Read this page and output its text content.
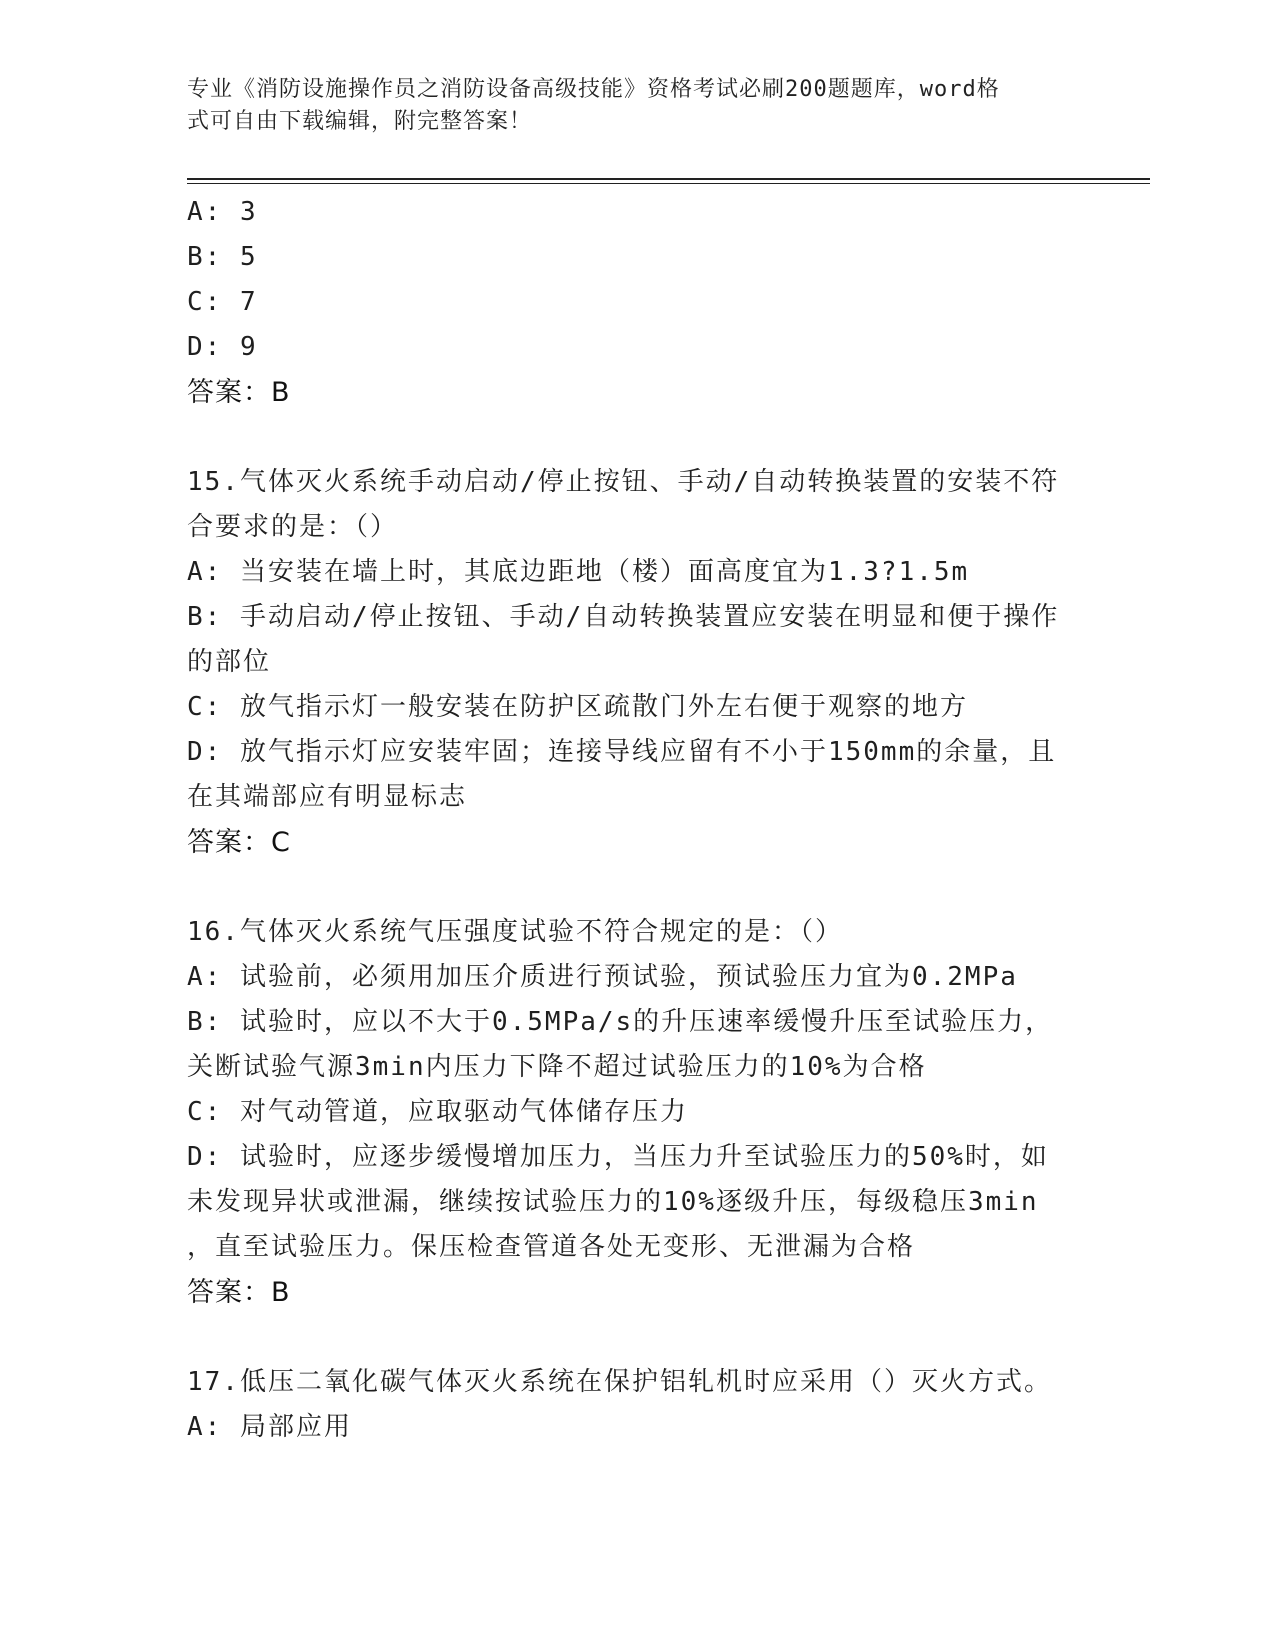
专业《消防设施操作员之消防设备高级技能》资格考试必刷200题题库，word格
式可自由下载编辑，附完整答案！
A: 3
B: 5
C: 7
D: 9
答案：B
15.气体灭火系统手动启动/停止按钮、手动/自动转换装置的安装不符
合要求的是：（）
A: 当安装在墙上时，其底边距地（楼）面高度宜为1.3?1.5m
B: 手动启动/停止按钮、手动/自动转换装置应安装在明显和便于操作
的部位
C: 放气指示灯一般安装在防护区疏散门外左右便于观察的地方
D: 放气指示灯应安装牢固；连接导线应留有不小于150mm的余量，且
在其端部应有明显标志
答案：C
16.气体灭火系统气压强度试验不符合规定的是：（）
A: 试验前，必须用加压介质进行预试验，预试验压力宜为0.2MPa
B: 试验时，应以不大于0.5MPa/s的升压速率缓慢升压至试验压力，
关断试验气源3min内压力下降不超过试验压力的10%为合格
C: 对气动管道，应取驱动气体储存压力
D: 试验时，应逐步缓慢增加压力，当压力升至试验压力的50%时，如
未发现异状或泄漏，继续按试验压力的10%逐级升压，每级稳压3min
，直至试验压力。保压检查管道各处无变形、无泄漏为合格
答案：B
17.低压二氧化碳气体灭火系统在保护铝轧机时应采用（）灭火方式。
A: 局部应用
